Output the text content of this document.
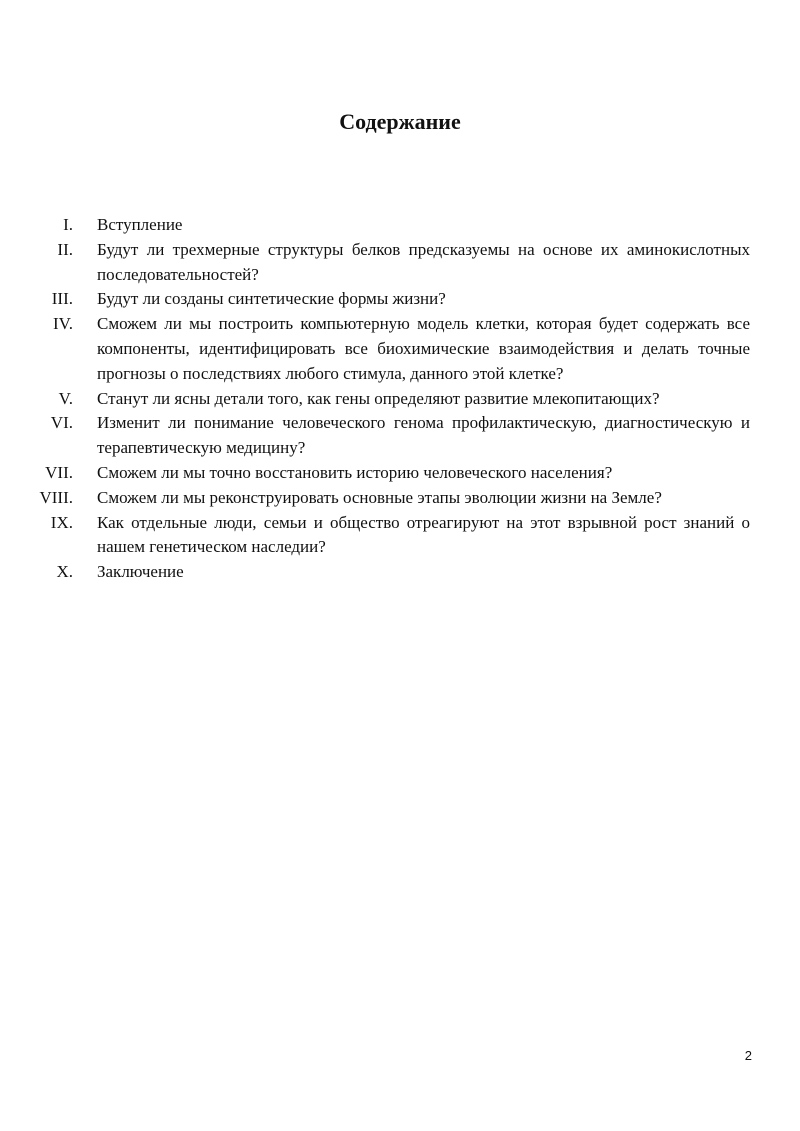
Содержание
I. Вступление
II. Будут ли трехмерные структуры белков предсказуемы на основе их аминокислотных последовательностей?
III. Будут ли созданы синтетические формы жизни?
IV. Сможем ли мы построить компьютерную модель клетки, которая будет содержать все компоненты, идентифицировать все биохимические взаимодействия и делать точные прогнозы о последствиях любого стимула, данного этой клетке?
V. Станут ли ясны детали того, как гены определяют развитие млекопитающих?
VI. Изменит ли понимание человеческого генома профилактическую, диагностическую и терапевтическую медицину?
VII. Сможем ли мы точно восстановить историю человеческого населения?
VIII. Сможем ли мы реконструировать основные этапы эволюции жизни на Земле?
IX. Как отдельные люди, семьи и общество отреагируют на этот взрывной рост знаний о нашем генетическом наследии?
X. Заключение
2
